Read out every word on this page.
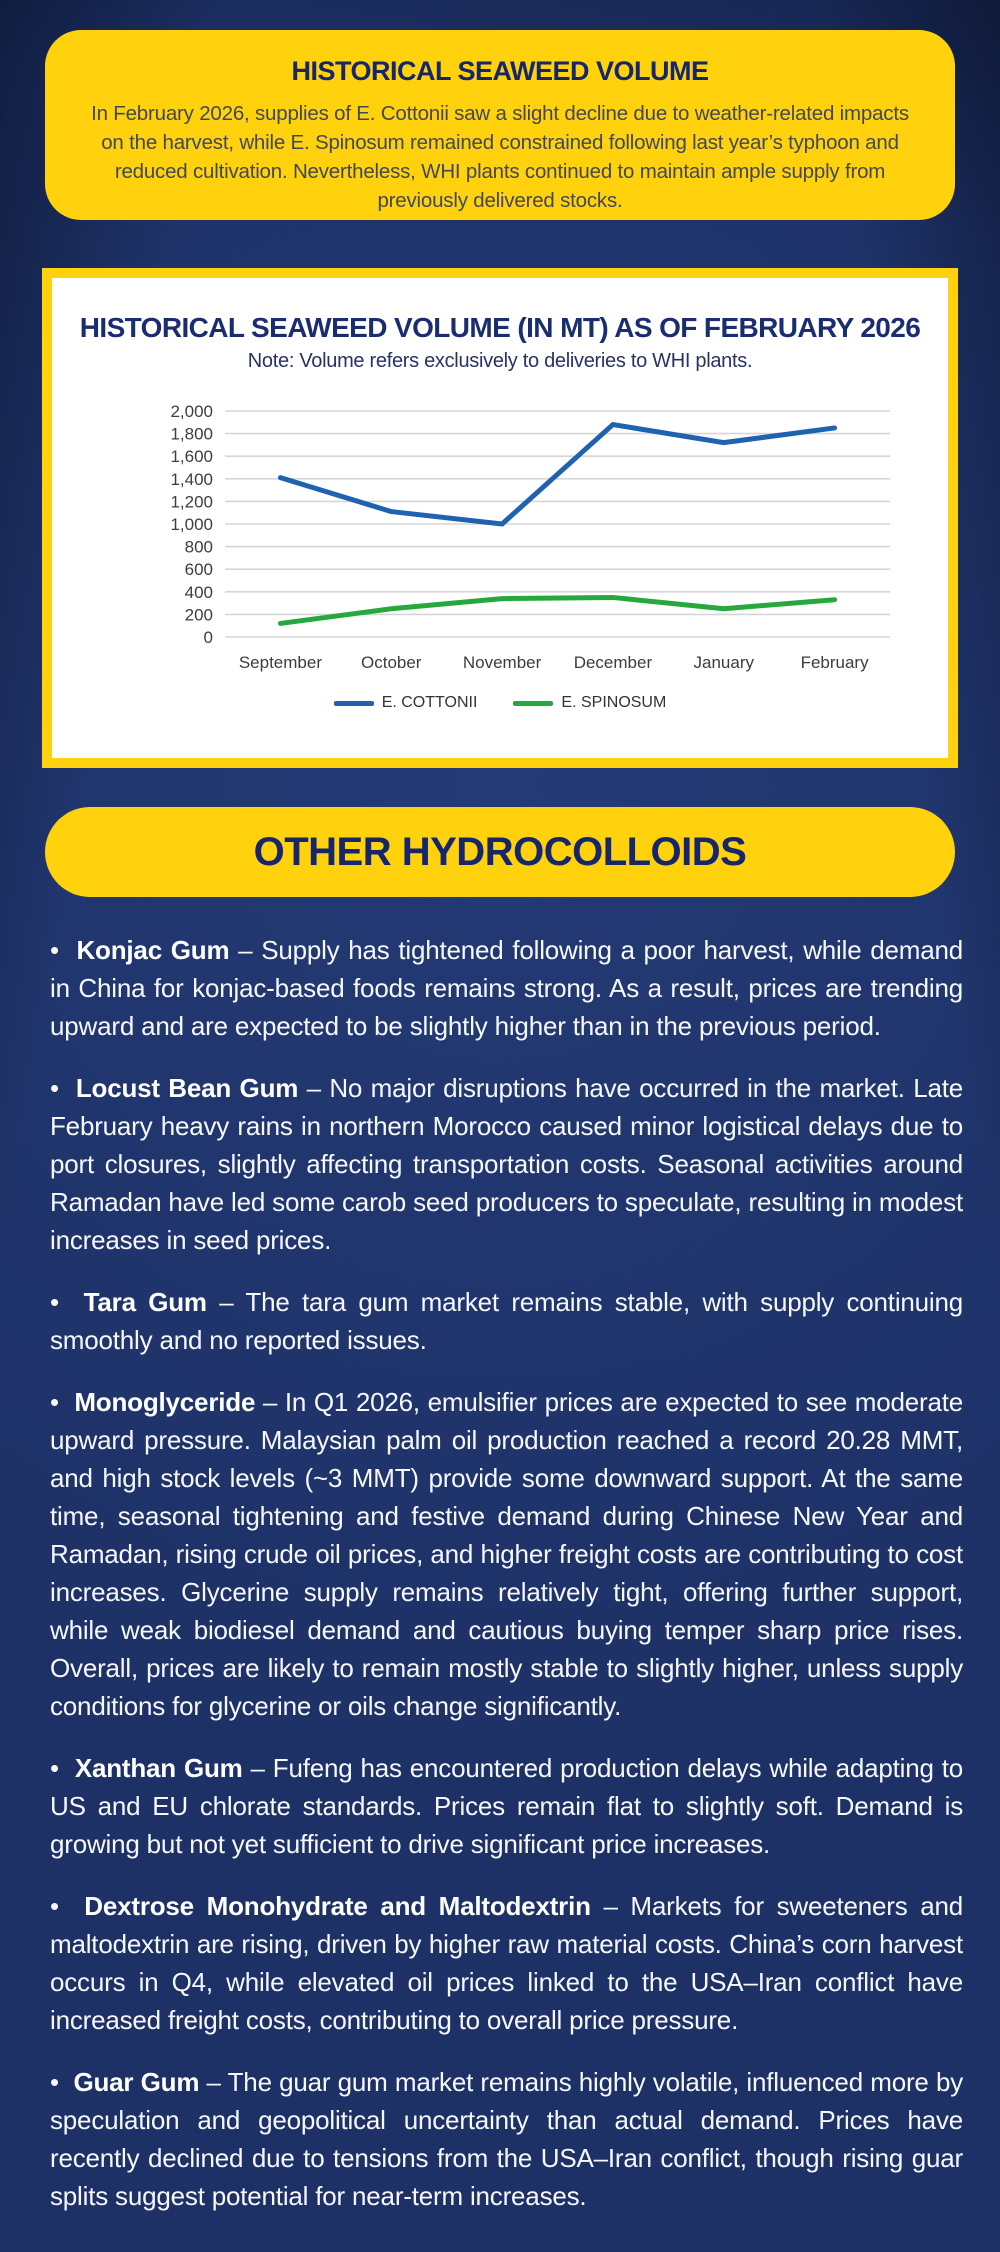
HISTORICAL SEAWEED VOLUME
In February 2026, supplies of E. Cottonii saw a slight decline due to weather-related impacts on the harvest, while E. Spinosum remained constrained following last year’s typhoon and reduced cultivation. Nevertheless, WHI plants continued to maintain ample supply from previously delivered stocks.
HISTORICAL SEAWEED VOLUME (IN MT) AS OF FEBRUARY 2026
Note: Volume refers exclusively to deliveries to WHI plants.
0
200
400
600
800
1,000
1,200
1,400
1,600
1,800
2,000
September October November December January	February
E. COTTONII	E. SPINOSUM
OTHER HYDROCOLLOIDS
•  Konjac Gum – Supply has tightened following a poor harvest, while demand in China for konjac-based foods remains strong. As a result, prices are trending upward and are expected to be slightly higher than in the previous period.
•  Locust Bean Gum – No major disruptions have occurred in the market. Late February heavy rains in northern Morocco caused minor logistical delays due to port closures, slightly affecting transportation costs. Seasonal activities around Ramadan have led some carob seed producers to speculate, resulting in modest increases in seed prices.
•  Tara Gum – The tara gum market remains stable, with supply continuing smoothly and no reported issues.
•  Monoglyceride – In Q1 2026, emulsifier prices are expected to see moderate upward pressure. Malaysian palm oil production reached a record 20.28 MMT, and high stock levels (~3 MMT) provide some downward support. At the same time, seasonal tightening and festive demand during Chinese New Year and Ramadan, rising crude oil prices, and higher freight costs are contributing to cost increases. Glycerine supply remains relatively tight, offering further support, while weak biodiesel demand and cautious buying temper sharp price rises. Overall, prices are likely to remain mostly stable to slightly higher, unless supply conditions for glycerine or oils change significantly.
•  Xanthan Gum – Fufeng has encountered production delays while adapting to US and EU chlorate standards. Prices remain flat to slightly soft. Demand is growing but not yet sufficient to drive significant price increases.
•  Dextrose Monohydrate and Maltodextrin – Markets for sweeteners and maltodextrin are rising, driven by higher raw material costs. China’s corn harvest occurs in Q4, while elevated oil prices linked to the USA–Iran conflict have increased freight costs, contributing to overall price pressure.
•  Guar Gum – The guar gum market remains highly volatile, influenced more by speculation and geopolitical uncertainty than actual demand. Prices have recently declined due to tensions from the USA–Iran conflict, though rising guar splits suggest potential for near-term increases.
